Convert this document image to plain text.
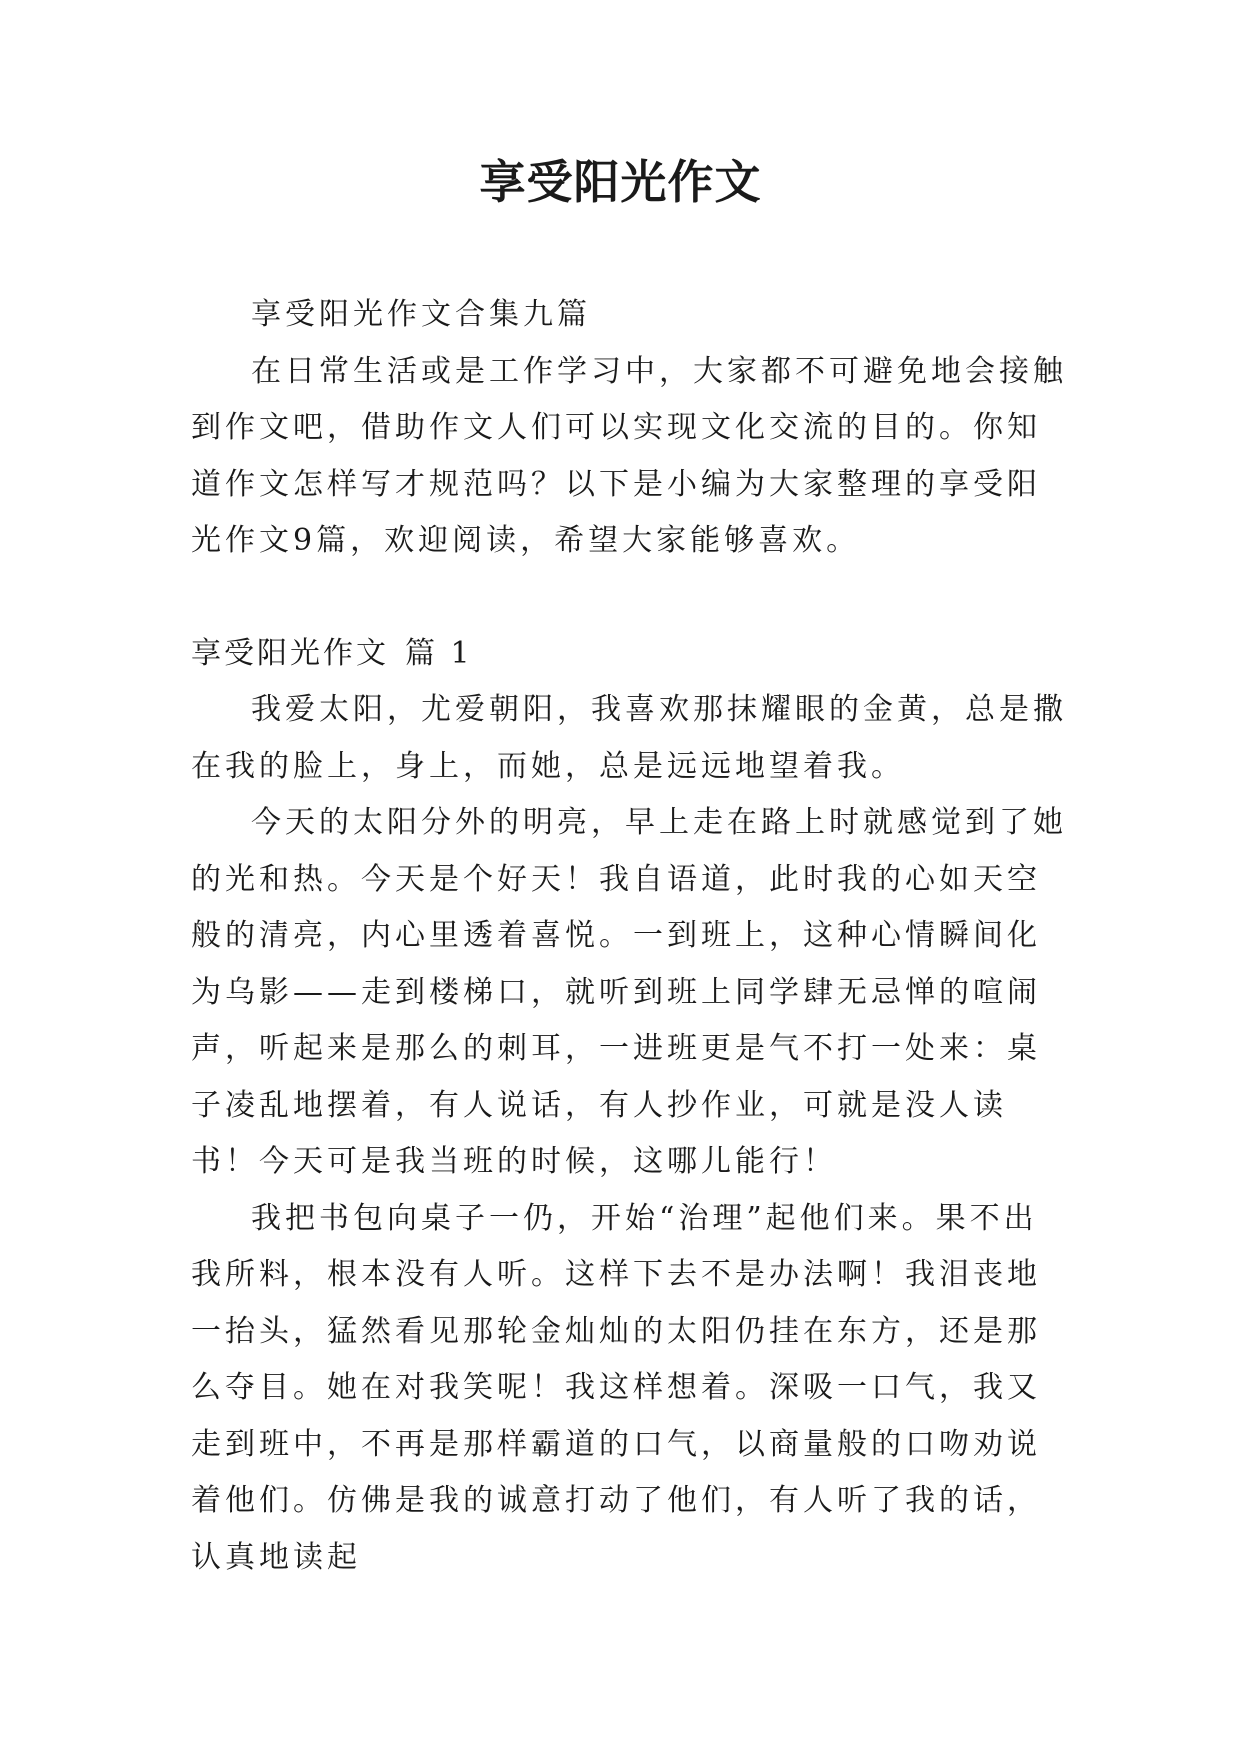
享受阳光作文

享受阳光作文合集九篇

在日常生活或是工作学习中，大家都不可避免地会接触到作文吧，借助作文人们可以实现文化交流的目的。你知道作文怎样写才规范吗？以下是小编为大家整理的享受阳光作文9篇，欢迎阅读，希望大家能够喜欢。

享受阳光作文 篇 1

我爱太阳，尤爱朝阳，我喜欢那抹耀眼的金黄，总是撒在我的脸上，身上，而她，总是远远地望着我。

今天的太阳分外的明亮，早上走在路上时就感觉到了她的光和热。今天是个好天！我自语道，此时我的心如天空般的清亮，内心里透着喜悦。一到班上，这种心情瞬间化为乌影——走到楼梯口，就听到班上同学肆无忌惮的喧闹声，听起来是那么的刺耳，一进班更是气不打一处来：桌子凌乱地摆着，有人说话，有人抄作业，可就是没人读书！今天可是我当班的时候，这哪儿能行！

我把书包向桌子一仍，开始“治理”起他们来。果不出我所料，根本没有人听。这样下去不是办法啊！我泪丧地一抬头，猛然看见那轮金灿灿的太阳仍挂在东方，还是那么夺目。她在对我笑呢！我这样想着。深吸一口气，我又走到班中，不再是那样霸道的口气，以商量般的口吻劝说着他们。仿佛是我的诚意打动了他们，有人听了我的话，认真地读起
